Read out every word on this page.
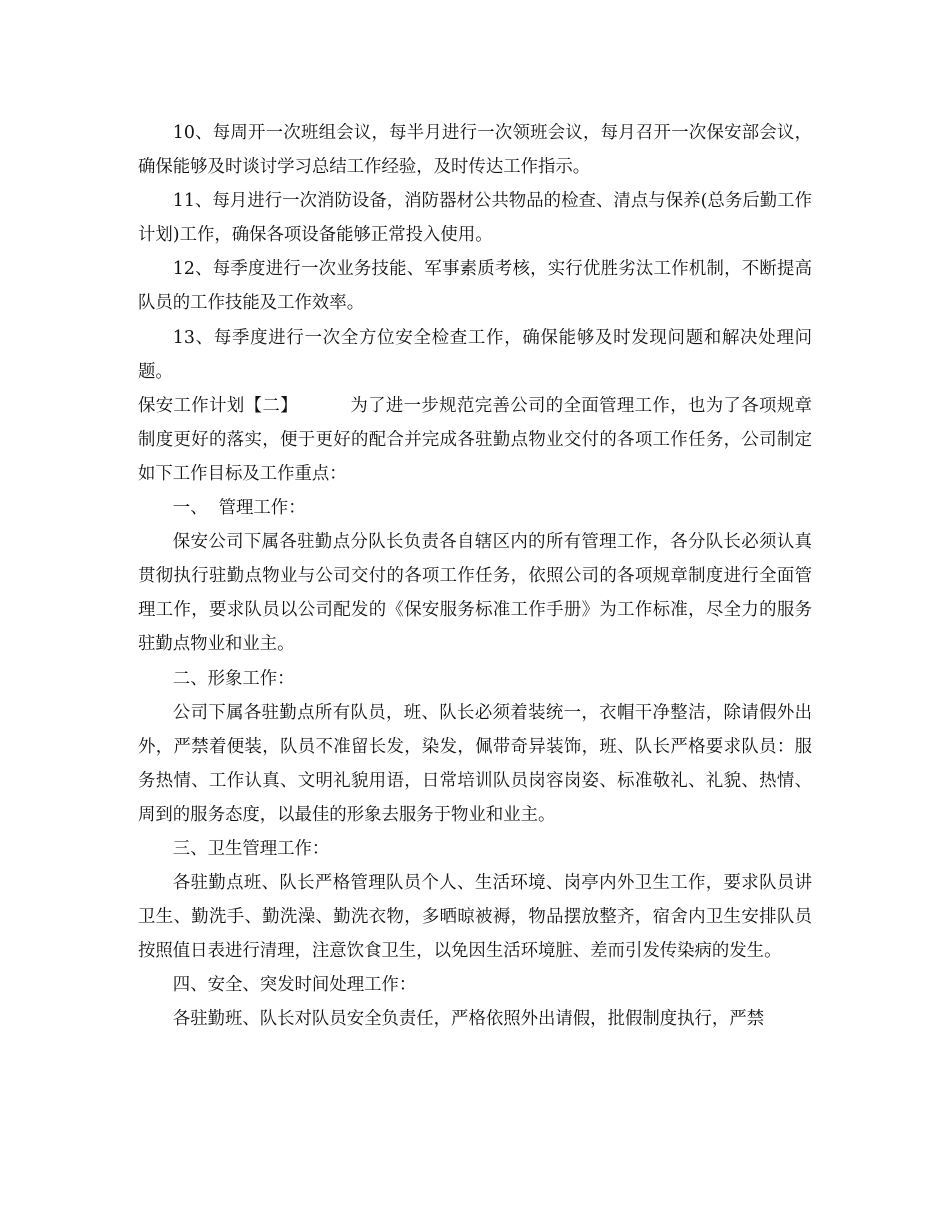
10、每周开一次班组会议，每半月进行一次领班会议，每月召开一次保安部会议，确保能够及时谈讨学习总结工作经验，及时传达工作指示。

11、每月进行一次消防设备，消防器材公共物品的检查、清点与保养(总务后勤工作计划)工作，确保各项设备能够正常投入使用。

12、每季度进行一次业务技能、军事素质考核，实行优胜劣汰工作机制，不断提高队员的工作技能及工作效率。

13、每季度进行一次全方位安全检查工作，确保能够及时发现问题和解决处理问题。

保安工作计划【二】	为了进一步规范完善公司的全面管理工作，也为了各项规章制度更好的落实，便于更好的配合并完成各驻勤点物业交付的各项工作任务，公司制定如下工作目标及工作重点：

一、  管理工作：

保安公司下属各驻勤点分队长负责各自辖区内的所有管理工作，各分队长必须认真贯彻执行驻勤点物业与公司交付的各项工作任务，依照公司的各项规章制度进行全面管理工作，要求队员以公司配发的《保安服务标准工作手册》为工作标准，尽全力的服务驻勤点物业和业主。

二、形象工作：

公司下属各驻勤点所有队员，班、队长必须着装统一，衣帽干净整洁，除请假外出外，严禁着便装，队员不准留长发，染发，佩带奇异装饰，班、队长严格要求队员：服务热情、工作认真、文明礼貌用语，日常培训队员岗容岗姿、标准敬礼、礼貌、热情、周到的服务态度，以最佳的形象去服务于物业和业主。

三、卫生管理工作：

各驻勤点班、队长严格管理队员个人、生活环境、岗亭内外卫生工作，要求队员讲卫生、勤洗手、勤洗澡、勤洗衣物，多晒晾被褥，物品摆放整齐，宿舍内卫生安排队员按照值日表进行清理，注意饮食卫生，以免因生活环境脏、差而引发传染病的发生。

四、安全、突发时间处理工作：

各驻勤班、队长对队员安全负责任，严格依照外出请假，批假制度执行，严禁
